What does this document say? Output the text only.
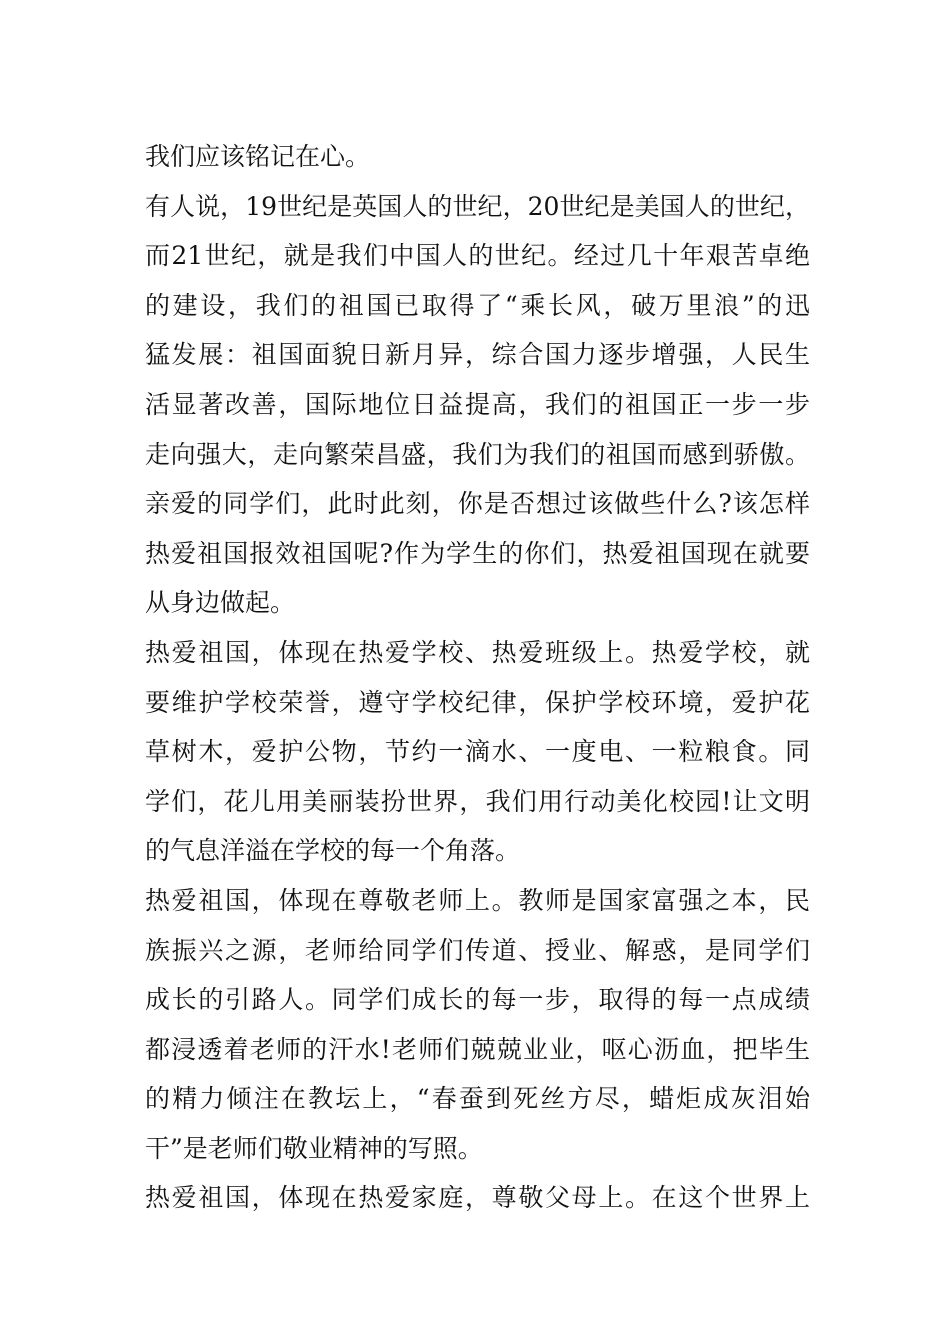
我们应该铭记在心。
有人说，19世纪是英国人的世纪，20世纪是美国人的世纪，
而21世纪，就是我们中国人的世纪。经过几十年艰苦卓绝
的建设，我们的祖国已取得了“乘长风，破万里浪”的迅
猛发展：祖国面貌日新月异，综合国力逐步增强，人民生
活显著改善，国际地位日益提高，我们的祖国正一步一步
走向强大，走向繁荣昌盛，我们为我们的祖国而感到骄傲。
亲爱的同学们，此时此刻，你是否想过该做些什么?该怎样
热爱祖国报效祖国呢?作为学生的你们，热爱祖国现在就要
从身边做起。
热爱祖国，体现在热爱学校、热爱班级上。热爱学校，就
要维护学校荣誉，遵守学校纪律，保护学校环境，爱护花
草树木，爱护公物，节约一滴水、一度电、一粒粮食。同
学们，花儿用美丽装扮世界，我们用行动美化校园!让文明
的气息洋溢在学校的每一个角落。
热爱祖国，体现在尊敬老师上。教师是国家富强之本，民
族振兴之源，老师给同学们传道、授业、解惑，是同学们
成长的引路人。同学们成长的每一步，取得的每一点成绩
都浸透着老师的汗水!老师们兢兢业业，呕心沥血，把毕生
的精力倾注在教坛上，“春蚕到死丝方尽，蜡炬成灰泪始
干”是老师们敬业精神的写照。
热爱祖国，体现在热爱家庭，尊敬父母上。在这个世界上
